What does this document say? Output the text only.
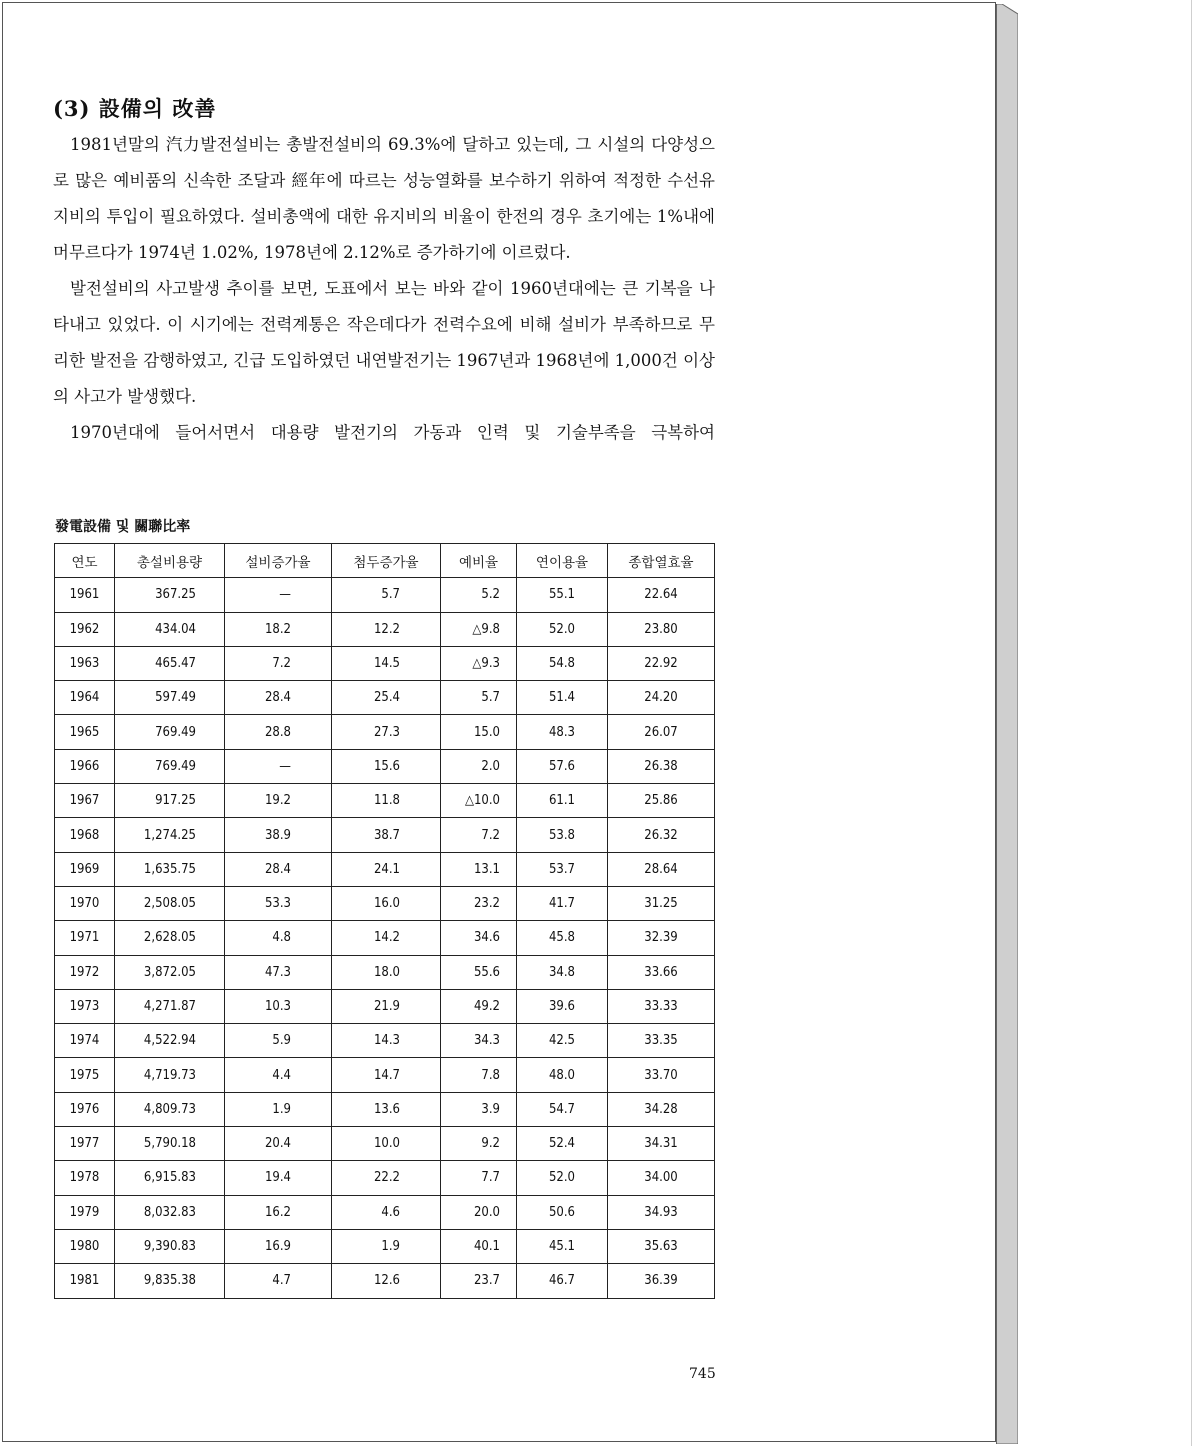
(3) 設備의 改善

1981년말의 汽力발전설비는 총발전설비의 69.3%에 달하고 있는데, 그 시설의 다양성으로 많은 예비품의 신속한 조달과 經年에 따르는 성능열화를 보수하기 위하여 적정한 수선유지비의 투입이 필요하였다. 설비총액에 대한 유지비의 비율이 한전의 경우 초기에는 1%내에 머무르다가 1974년 1.02%, 1978년에 2.12%로 증가하기에 이르렀다.

발전설비의 사고발생 추이를 보면, 도표에서 보는 바와 같이 1960년대에는 큰 기복을 나타내고 있었다. 이 시기에는 전력계통은 작은데다가 전력수요에 비해 설비가 부족하므로 무리한 발전을 감행하였고, 긴급 도입하였던 내연발전기는 1967년과 1968년에 1,000건 이상의 사고가 발생했다.

1970년대에 들어서면서 대용량 발전기의 가동과 인력 및 기술부족을 극복하여

發電設備 및 關聯比率
연도	총설비용량	설비증가율	첨두증가율	예비율	연이용율	종합열효율
1961	367.25	—	5.7	5.2	55.1	22.64
1962	434.04	18.2	12.2	△9.8	52.0	23.80
1963	465.47	7.2	14.5	△9.3	54.8	22.92
1964	597.49	28.4	25.4	5.7	51.4	24.20
1965	769.49	28.8	27.3	15.0	48.3	26.07
1966	769.49	—	15.6	2.0	57.6	26.38
1967	917.25	19.2	11.8	△10.0	61.1	25.86
1968	1,274.25	38.9	38.7	7.2	53.8	26.32
1969	1,635.75	28.4	24.1	13.1	53.7	28.64
1970	2,508.05	53.3	16.0	23.2	41.7	31.25
1971	2,628.05	4.8	14.2	34.6	45.8	32.39
1972	3,872.05	47.3	18.0	55.6	34.8	33.66
1973	4,271.87	10.3	21.9	49.2	39.6	33.33
1974	4,522.94	5.9	14.3	34.3	42.5	33.35
1975	4,719.73	4.4	14.7	7.8	48.0	33.70
1976	4,809.73	1.9	13.6	3.9	54.7	34.28
1977	5,790.18	20.4	10.0	9.2	52.4	34.31
1978	6,915.83	19.4	22.2	7.7	52.0	34.00
1979	8,032.83	16.2	4.6	20.0	50.6	34.93
1980	9,390.83	16.9	1.9	40.1	45.1	35.63
1981	9,835.38	4.7	12.6	23.7	46.7	36.39
745
